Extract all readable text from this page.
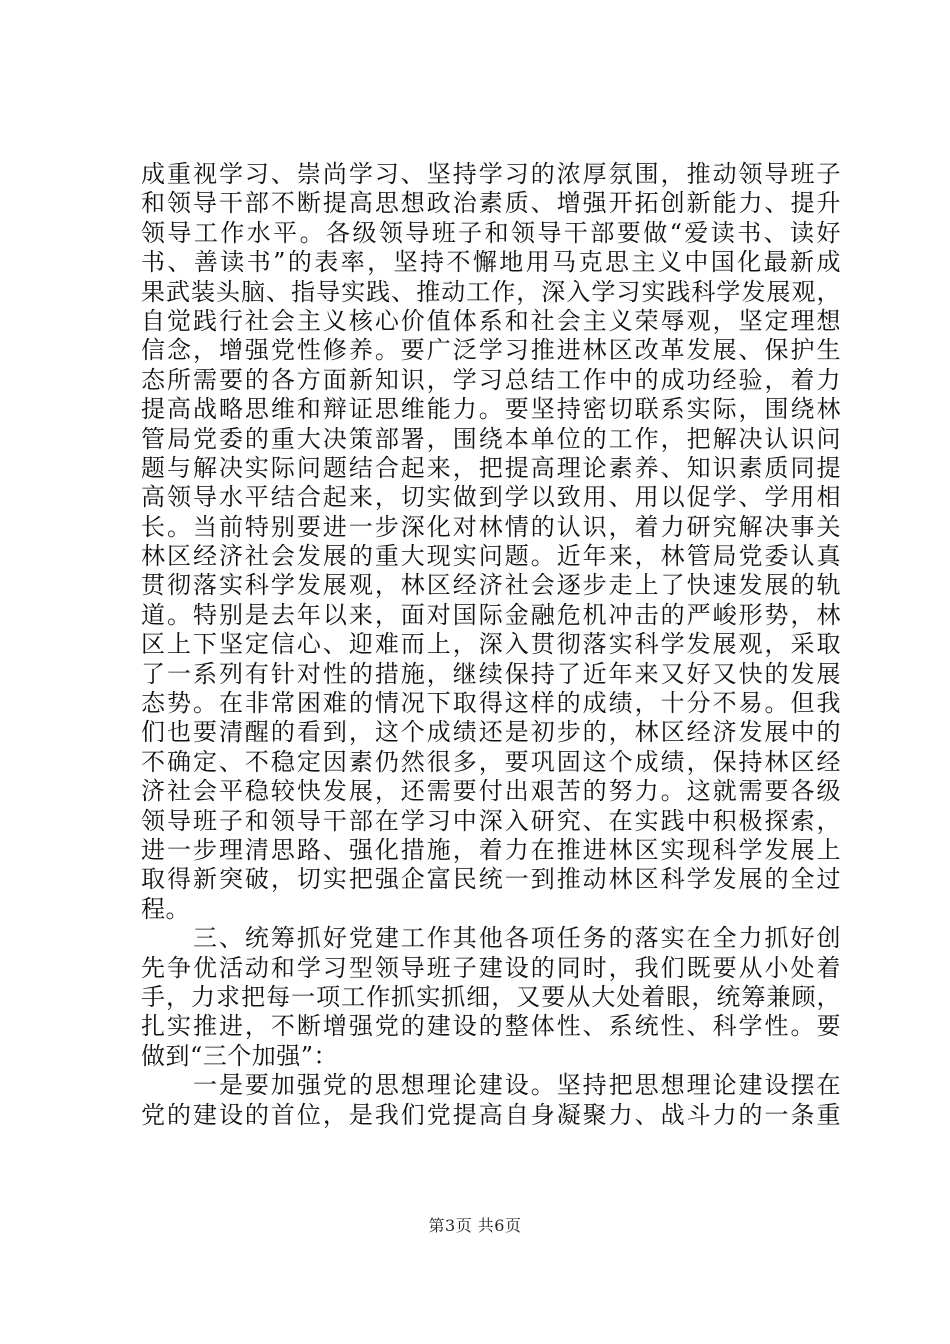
成重视学习、崇尚学习、坚持学习的浓厚氛围，推动领导班子
和领导干部不断提高思想政治素质、增强开拓创新能力、提升
领导工作水平。各级领导班子和领导干部要做“爱读书、读好
书、善读书”的表率，坚持不懈地用马克思主义中国化最新成
果武装头脑、指导实践、推动工作，深入学习实践科学发展观，
自觉践行社会主义核心价值体系和社会主义荣辱观，坚定理想
信念，增强党性修养。要广泛学习推进林区改革发展、保护生
态所需要的各方面新知识，学习总结工作中的成功经验，着力
提高战略思维和辩证思维能力。要坚持密切联系实际，围绕林
管局党委的重大决策部署，围绕本单位的工作，把解决认识问
题与解决实际问题结合起来，把提高理论素养、知识素质同提
高领导水平结合起来，切实做到学以致用、用以促学、学用相
长。当前特别要进一步深化对林情的认识，着力研究解决事关
林区经济社会发展的重大现实问题。近年来，林管局党委认真
贯彻落实科学发展观，林区经济社会逐步走上了快速发展的轨
道。特别是去年以来，面对国际金融危机冲击的严峻形势，林
区上下坚定信心、迎难而上，深入贯彻落实科学发展观，采取
了一系列有针对性的措施，继续保持了近年来又好又快的发展
态势。在非常困难的情况下取得这样的成绩，十分不易。但我
们也要清醒的看到，这个成绩还是初步的，林区经济发展中的
不确定、不稳定因素仍然很多，要巩固这个成绩，保持林区经
济社会平稳较快发展，还需要付出艰苦的努力。这就需要各级
领导班子和领导干部在学习中深入研究、在实践中积极探索，
进一步理清思路、强化措施，着力在推进林区实现科学发展上
取得新突破，切实把强企富民统一到推动林区科学发展的全过
程。
　　三、统筹抓好党建工作其他各项任务的落实在全力抓好创
先争优活动和学习型领导班子建设的同时，我们既要从小处着
手，力求把每一项工作抓实抓细，又要从大处着眼，统筹兼顾，
扎实推进，不断增强党的建设的整体性、系统性、科学性。要
做到“三个加强”：
　　一是要加强党的思想理论建设。坚持把思想理论建设摆在
党的建设的首位，是我们党提高自身凝聚力、战斗力的一条重
第3页 共6页
